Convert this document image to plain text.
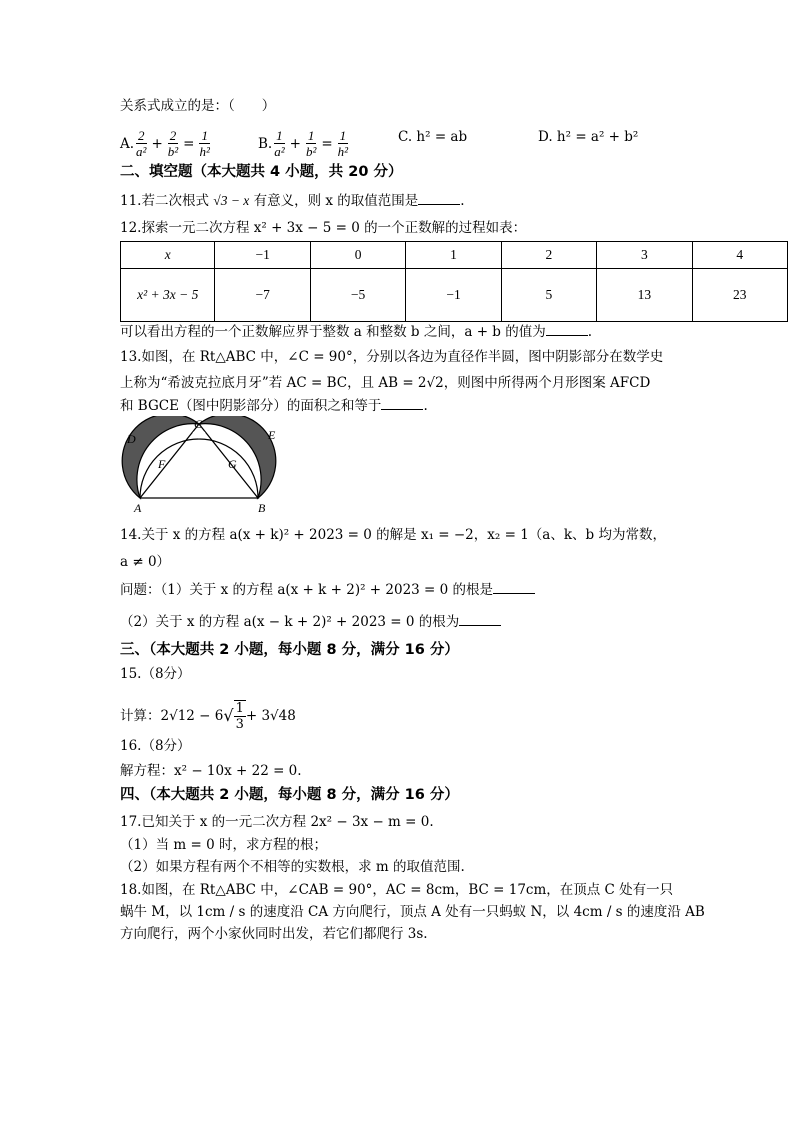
关系式成立的是：（　　）
A. $\frac{2}{\text{a²}} + \frac{2}{\text{b²}} = \frac{1}{\text{h²}}$	B. $\frac{1}{\text{a²}} + \frac{1}{\text{b²}} = \frac{1}{\text{h²}}$	C. h² = ab	D. h² = a² + b²
二、填空题（本大题共 4 小题，共 20 分）
11.若二次根式 √3 − x 有意义，则 x 的取值范围是	.
12.探索一元二次方程 x² + 3x − 5 = 0 的一个正数解的过程如表：
x	−1	0	1	2	3	4
x² + 3x − 5	−7	−5	−1	5	13	23
可以看出方程的一个正数解应界于整数 a 和整数 b 之间，a + b 的值为	.
13.如图，在 Rt△ABC 中，∠C = 90°，分别以各边为直径作半圆，图中阴影部分在数学史
上称为“希波克拉底月牙”若 AC = BC，且 AB = 2√2，则图中所得两个月形图案 AFCD
和 BGCE（图中阴影部分）的面积之和等于	.
A	B
C
D	E
F	G
14.关于 x 的方程 a(x + k)² + 2023 = 0 的解是 x₁ = −2，x₂ = 1（a、k、b 均为常数，
a ≠ 0）
问题：（1）关于 x 的方程 a(x + k + 2)² + 2023 = 0 的根是
（2）关于 x 的方程 a(x − k + 2)² + 2023 = 0 的根为
三、（本大题共 2 小题，每小题 8 分，满分 16 分）
15.（8分）
计算：2√12 − 6 √ $\frac{1}{3} + 3√48$
16.（8分）
解方程：x² − 10x + 22 = 0.
四、（本大题共 2 小题，每小题 8 分，满分 16 分）
17.已知关于 x 的一元二次方程 2x² − 3x − m = 0.
（1）当 m = 0 时，求方程的根；
（2）如果方程有两个不相等的实数根，求 m 的取值范围.
18.如图，在 Rt△ABC 中，∠CAB = 90°，AC = 8cm，BC = 17cm，在顶点 C 处有一只
蜗牛 M，以 1cm / s 的速度沿 CA 方向爬行，顶点 A 处有一只蚂蚁 N，以 4cm / s 的速度沿 AB
方向爬行，两个小家伙同时出发，若它们都爬行 3s.
